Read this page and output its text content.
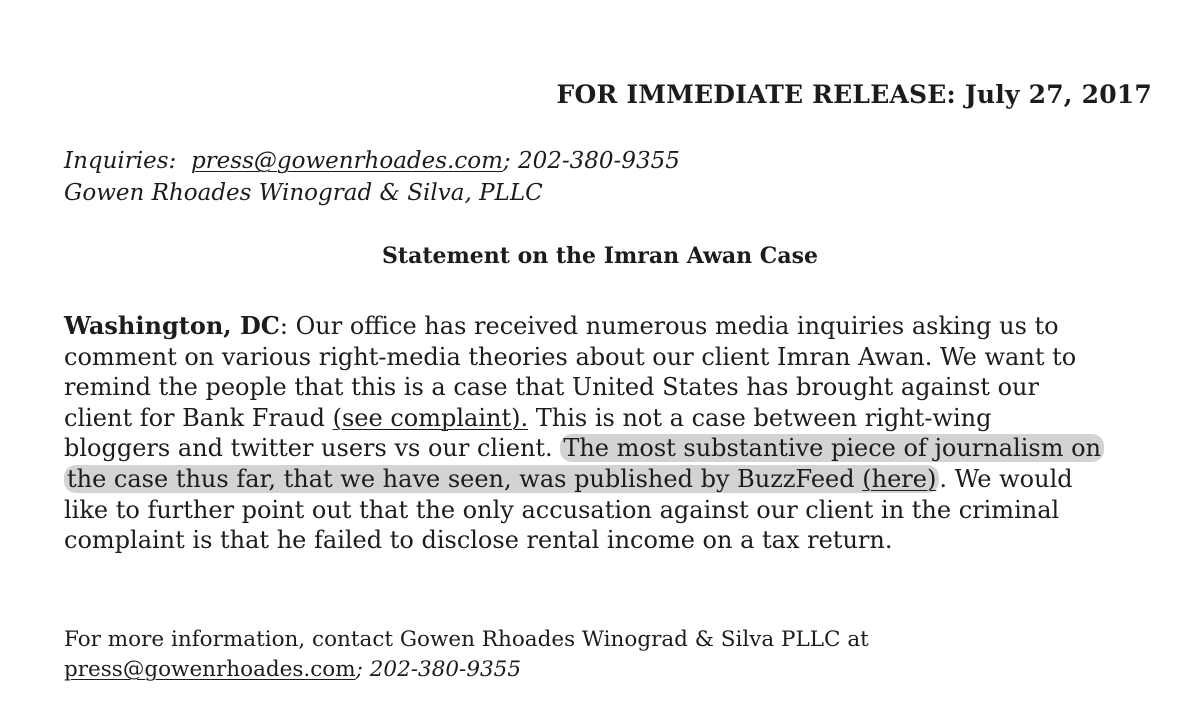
FOR IMMEDIATE RELEASE: July 27, 2017
Inquiries: press@gowenrhoades.com; 202-380-9355
Gowen Rhoades Winograd & Silva, PLLC
Statement on the Imran Awan Case
Washington, DC: Our office has received numerous media inquiries asking us to
comment on various right-media theories about our client Imran Awan. We want to
remind the people that this is a case that United States has brought against our
client for Bank Fraud (see complaint). This is not a case between right-wing
bloggers and twitter users vs our client. The most substantive piece of journalism on
the case thus far, that we have seen, was published by BuzzFeed (here) . We would
like to further point out that the only accusation against our client in the criminal
complaint is that he failed to disclose rental income on a tax return.
For more information, contact Gowen Rhoades Winograd & Silva PLLC at
press@gowenrhoades.com; 202-380-9355
